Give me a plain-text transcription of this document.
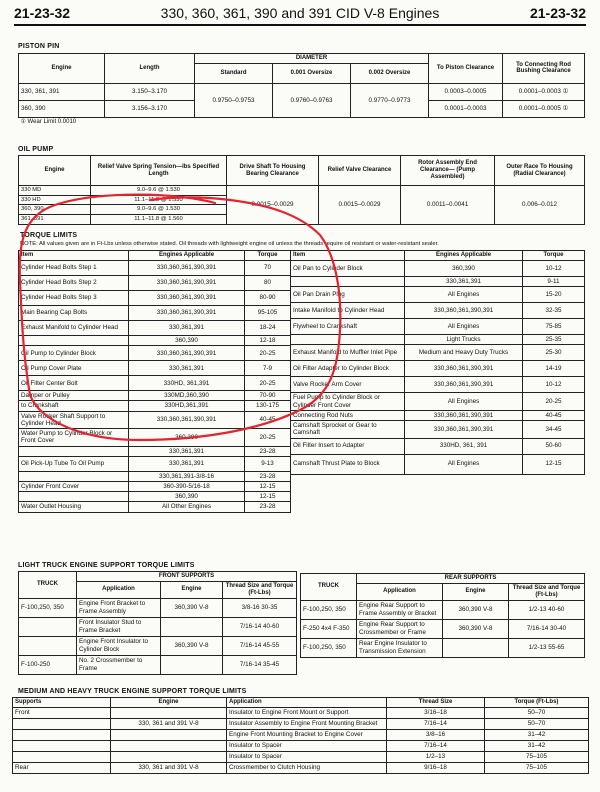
330, 360, 361, 390 and 391 CID V-8 Engines
21-23-32	21-23-32
PISTON PIN
Engine	Length	DIAMETER			To Piston Clearance	To Connecting Rod Bushing Clearance
		Standard	0.001 Oversize	0.002 Oversize		
330, 361, 391	3.150–3.170	0.9750–0.9753	0.9760–0.9763	0.9770–0.9773	0.0003–0.0005	0.0001–0.0003 ①
360, 390	3.156–3.170				0.0001–0.0003	0.0001–0.0005 ①
① Wear Limit 0.0010						
OIL PUMP
Engine	Relief Valve Spring Tension—lbs Specified Length	Drive Shaft To Housing Bearing Clearance	Relief Valve Clearance	Rotor Assembly End Clearance— (Pump Assembled)	Outer Race To Housing (Radial Clearance)
330 MD	9.0–9.6 @ 1.530	0.0015–0.0029	0.0015–0.0029	0.0011–0.0041	0.006–0.012
330 HD	11.1–11.8 @ 1.530				
360, 390	9.0–9.6 @ 1.530				
361, 391	11.1–11.8 @ 1.560				
TORQUE LIMITS
NOTE: All values given are in Ft-Lbs unless otherwise stated. Oil threads with lightweight engine oil unless the threads require oil resistant or water-resistant sealer.
Item	Engines Applicable	Torque
Cylinder Head Bolts Step 1	330,360,361,390,391	70
Cylinder Head Bolts Step 2	330,360,361,390,391	80
Cylinder Head Bolts Step 3	330,360,361,390,391	80-90
Main Bearing Cap Bolts	330,360,361,390,391	95-105
Exhaust Manifold to Cylinder Head	330,361,391	18-24
	360,390	12-18
Oil Pump to Cylinder Block	330,360,361,390,391	20-25
Oil Pump Cover Plate	330,361,391	7-9
Oil Filter Center Bolt	330HD, 361,391	20-25
Damper or Pulley	330MD,360,390	70-90
to Crankshaft	330HD,361,391	130-175
Valve Rocker Shaft Support to Cylinder Head	330,360,361,390,391	40-45
Water Pump to Cylinder Block or Front Cover	360,390	20-25
	330,361,391	23-28
Oil Pick-Up Tube To Oil Pump	330,361,391	9-13
	330,361,391-3/8-16	23-28
Cylinder Front Cover	360-390-5/16-18	12-15
	360,390	12-15
Water Outlet Housing	All Other Engines	23-28
Item	Engines Applicable	Torque
Oil Pan to Cylinder Block	360,390	10-12
	330,361,391	9-11
Oil Pan Drain Plug	All Engines	15-20
Intake Manifold to Cylinder Head	330,360,361,390,391	32-35
Flywheel to Crankshaft	All Engines	75-85
	Light Trucks	25-35
Exhaust Manifold to Muffler Inlet Pipe	Medium and Heavy Duty Trucks	25-30
Oil Filter Adapter to Cylinder Block	330,360,361,390,391	14-19
Valve Rocker Arm Cover	330,360,361,390,391	10-12
Fuel Pump to Cylinder Block or Cylinder Front Cover	All Engines	20-25
Connecting Rod Nuts	330,360,361,390,391	40-45
Camshaft Sprocket or Gear to Camshaft	330,360,361,390,391	34-45
Oil Filter Insert to Adapter	330HD, 361, 391	50-60
Camshaft Thrust Plate to Block	All Engines	12-15
LIGHT TRUCK ENGINE SUPPORT TORQUE LIMITS
TRUCK	FRONT SUPPORTS		
	Application	Engine	Thread Size and Torque (Ft-Lbs)
F-100,250, 350	Engine Front Bracket to Frame Assembly	360,390 V-8	3/8-16 30-35
	Front Insulator Stud to Frame Bracket		7/16-14 40-60
	Engine Front Insulator to Cylinder Block	360,390 V-8	7/16-14 45-55
F-100-250	No. 2 Crossmember to Frame		7/16-14 35-45
TRUCK	REAR SUPPORTS		
	Application	Engine	Thread Size and Torque (Ft-Lbs)
F-100,250, 350	Engine Rear Support to Frame Assembly or Bracket	360,390 V-8	1/2-13 40-60
F-250 4x4 F-350	Engine Rear Support to Crossmember or Frame	360,390 V-8	7/16-14 30-40
F-100,250, 350	Rear Engine Insulator to Transmission Extension		1/2-13 55-65
MEDIUM AND HEAVY TRUCK ENGINE SUPPORT TORQUE LIMITS
Supports	Engine	Application	Thread Size	Torque (Ft-Lbs)
Front		Insulator to Engine Front Mount or Support	3/16–18	50–70
	330, 361 and 391 V-8	Insulator Assembly to Engine Front Mounting Bracket	7/16–14	50–70
		Engine Front Mounting Bracket to Engine Cover	3/8–16	31–42
		Insulator to Spacer	7/16–14	31–42
		Insulator to Spacer	1/2–13	75–105
Rear	330, 361 and 391 V-8	Crossmember to Clutch Housing	9/16–18	75–105
